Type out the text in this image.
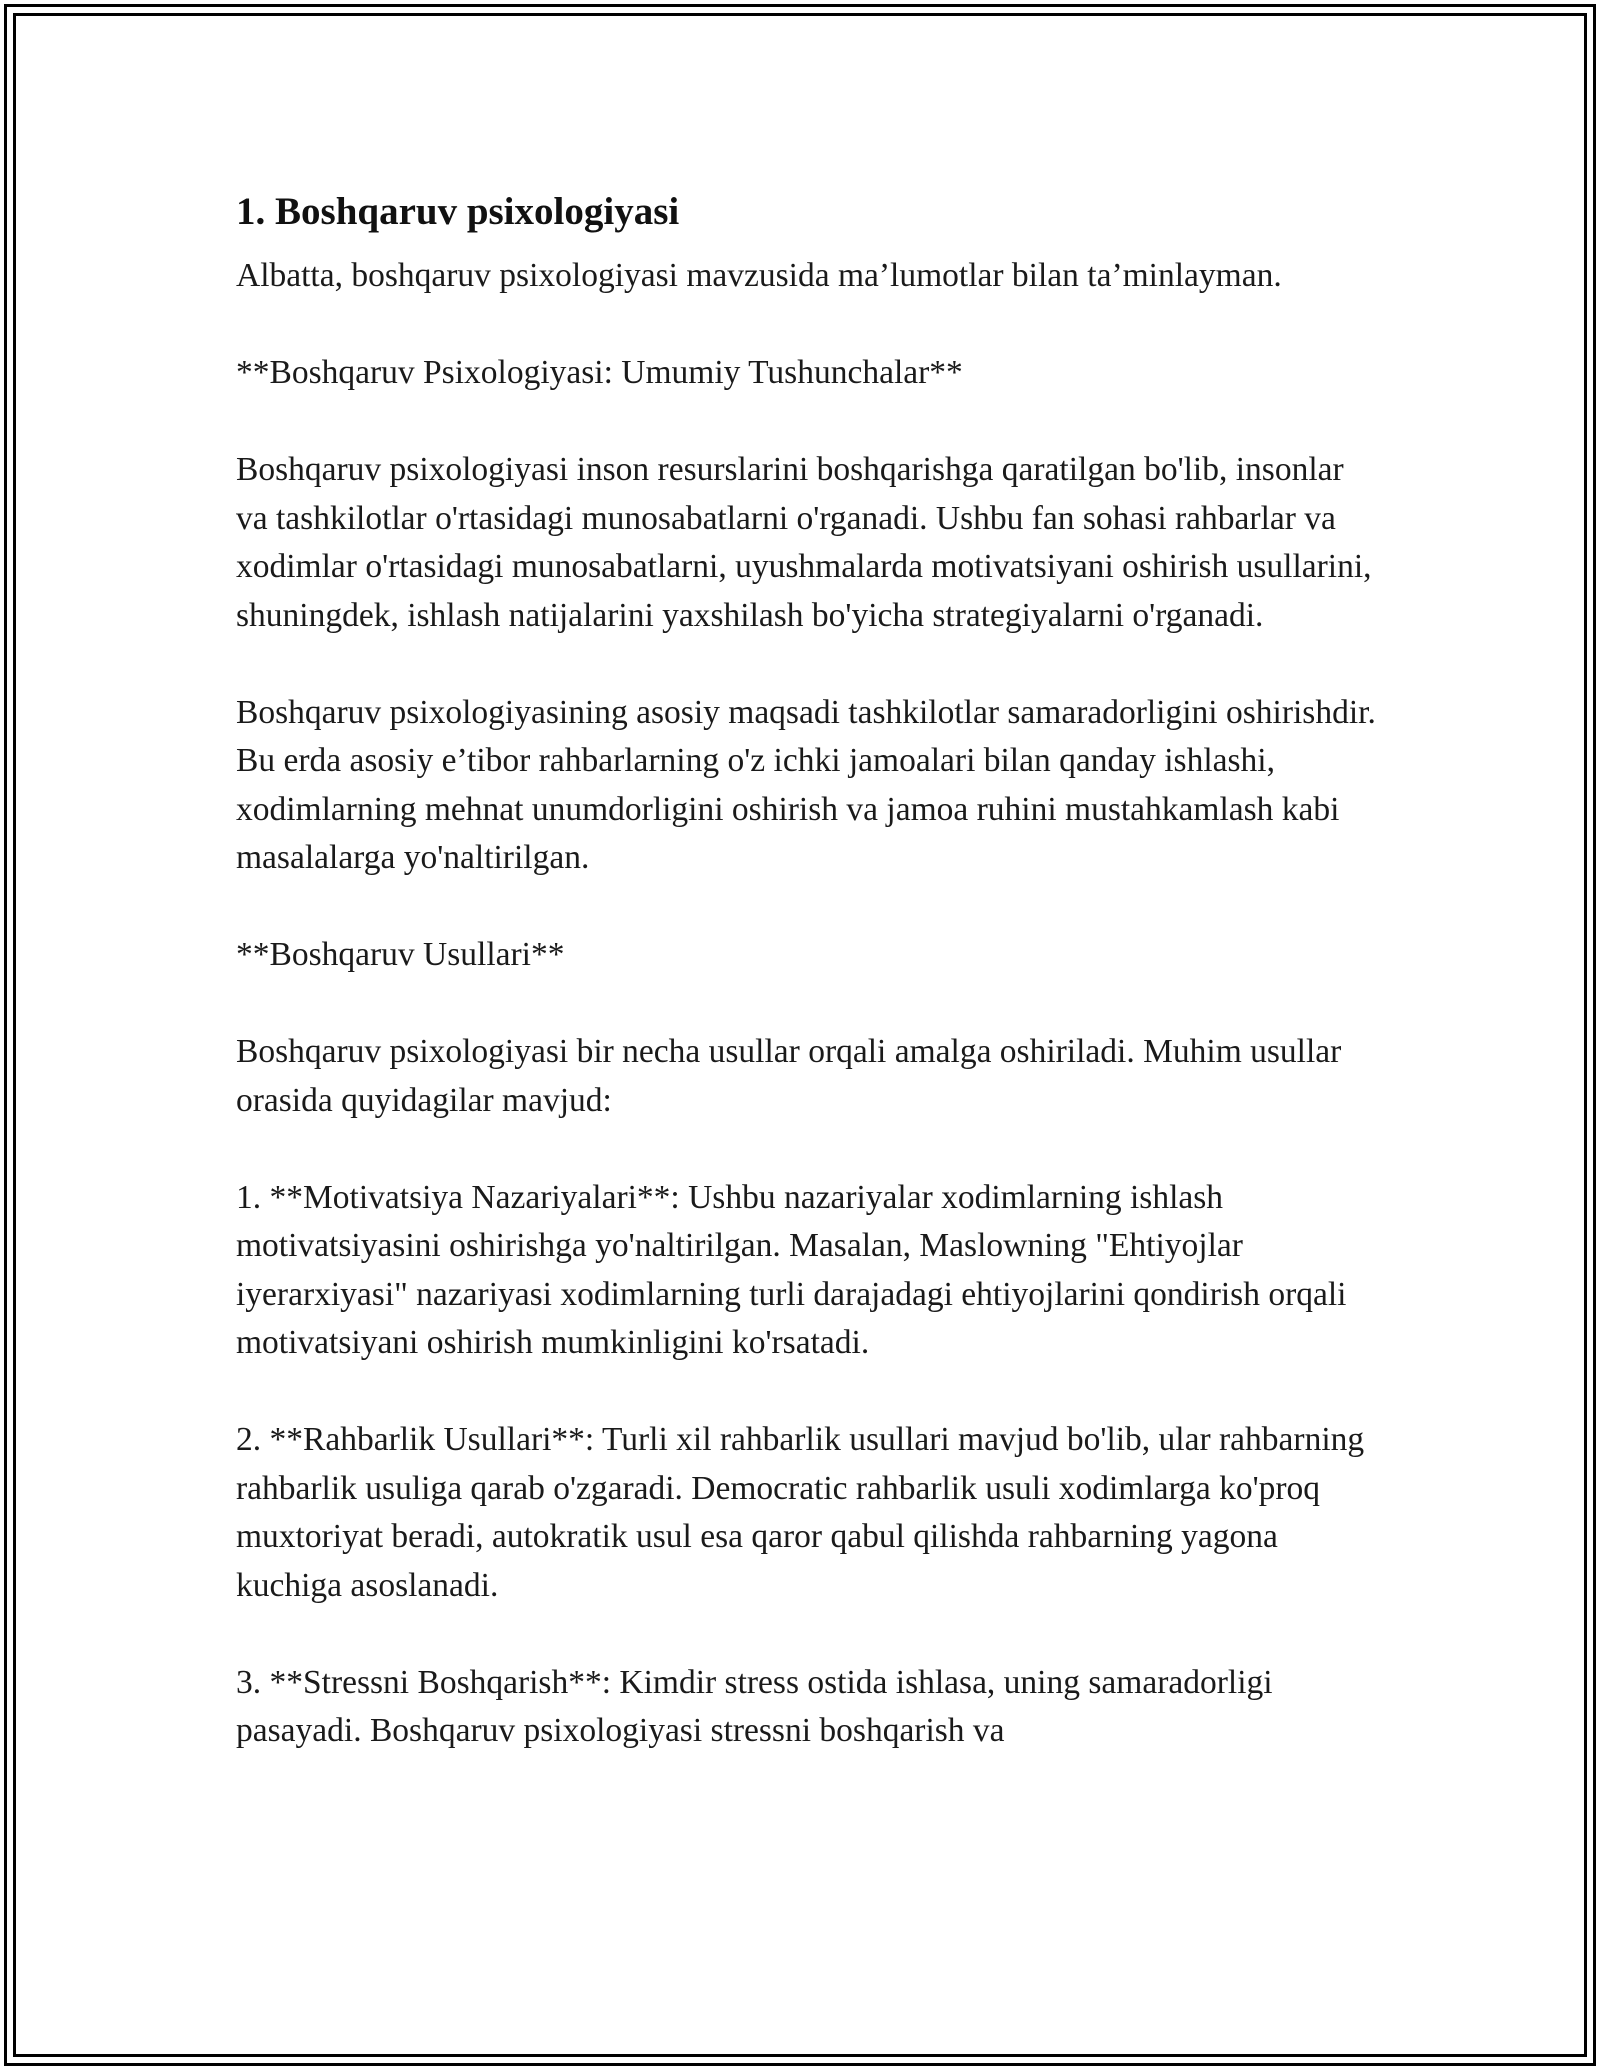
1. Boshqaruv psixologiyasi

Albatta, boshqaruv psixologiyasi mavzusida ma’lumotlar bilan ta’minlayman.

**Boshqaruv Psixologiyasi: Umumiy Tushunchalar**

Boshqaruv psixologiyasi inson resurslarini boshqarishga qaratilgan bo'lib, insonlar va tashkilotlar o'rtasidagi munosabatlarni o'rganadi. Ushbu fan sohasi rahbarlar va xodimlar o'rtasidagi munosabatlarni, uyushmalarda motivatsiyani oshirish usullarini, shuningdek, ishlash natijalarini yaxshilash bo'yicha strategiyalarni o'rganadi.

Boshqaruv psixologiyasining asosiy maqsadi tashkilotlar samaradorligini oshirishdir. Bu erda asosiy e’tibor rahbarlarning o'z ichki jamoalari bilan qanday ishlashi, xodimlarning mehnat unumdorligini oshirish va jamoa ruhini mustahkamlash kabi masalalarga yo'naltirilgan.

**Boshqaruv Usullari**

Boshqaruv psixologiyasi bir necha usullar orqali amalga oshiriladi. Muhim usullar orasida quyidagilar mavjud:

1. **Motivatsiya Nazariyalari**: Ushbu nazariyalar xodimlarning ishlash motivatsiyasini oshirishga yo'naltirilgan. Masalan, Maslowning "Ehtiyojlar iyerarxiyasi" nazariyasi xodimlarning turli darajadagi ehtiyojlarini qondirish orqali motivatsiyani oshirish mumkinligini ko'rsatadi.

2. **Rahbarlik Usullari**: Turli xil rahbarlik usullari mavjud bo'lib, ular rahbarning rahbarlik usuliga qarab o'zgaradi. Democratic rahbarlik usuli xodimlarga ko'proq muxtoriyat beradi, autokratik usul esa qaror qabul qilishda rahbarning yagona kuchiga asoslanadi.

3. **Stressni Boshqarish**: Kimdir stress ostida ishlasa, uning samaradorligi pasayadi. Boshqaruv psixologiyasi stressni boshqarish va
